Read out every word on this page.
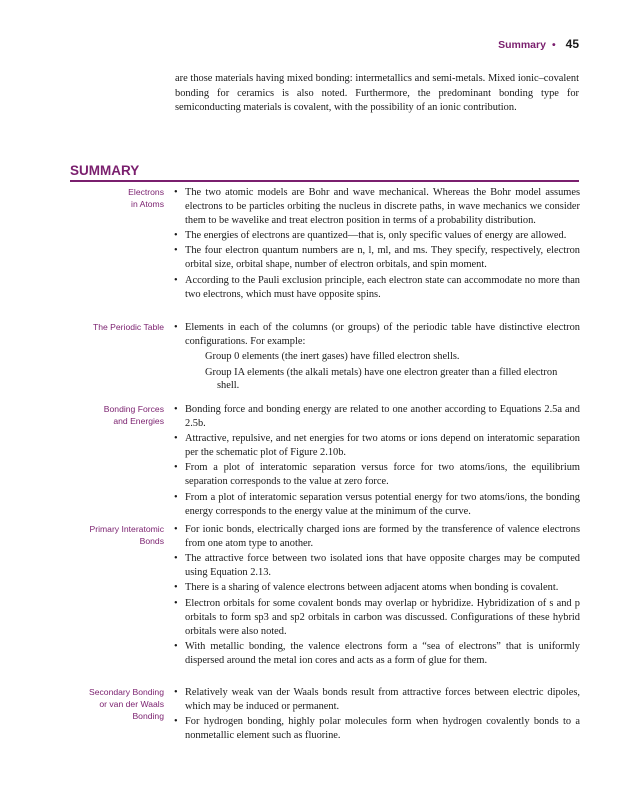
Summary • 45

are those materials having mixed bonding: intermetallics and semi-metals. Mixed ionic–covalent bonding for ceramics is also noted. Furthermore, the predominant bonding type for semiconducting materials is covalent, with the possibility of an ionic contribution.

SUMMARY
Electrons
in Atoms
• The two atomic models are Bohr and wave mechanical. Whereas the Bohr model assumes electrons to be particles orbiting the nucleus in discrete paths, in wave mechanics we consider them to be wavelike and treat electron position in terms of a probability distribution.
• The energies of electrons are quantized—that is, only specific values of energy are allowed.
• The four electron quantum numbers are n, l, ml, and ms. They specify, respectively, electron orbital size, orbital shape, number of electron orbitals, and spin moment.
• According to the Pauli exclusion principle, each electron state can accommodate no more than two electrons, which must have opposite spins.
The Periodic Table
•	Elements in each of the columns (or groups) of the periodic table have distinctive electron configurations. For example:
Group 0 elements (the inert gases) have filled electron shells.
Group IA elements (the alkali metals) have one electron greater than a filled electron shell.
Bonding Forces
and Energies
• Bonding force and bonding energy are related to one another according to Equations 2.5a and 2.5b.
• Attractive, repulsive, and net energies for two atoms or ions depend on interatomic separation per the schematic plot of Figure 2.10b.
• From a plot of interatomic separation versus force for two atoms/ions, the equilibrium separation corresponds to the value at zero force.
• From a plot of interatomic separation versus potential energy for two atoms/ions, the bonding energy corresponds to the energy value at the minimum of the curve.
Primary Interatomic
Bonds
• For ionic bonds, electrically charged ions are formed by the transference of valence electrons from one atom type to another.
• The attractive force between two isolated ions that have opposite charges may be computed using Equation 2.13.
• There is a sharing of valence electrons between adjacent atoms when bonding is covalent.
• Electron orbitals for some covalent bonds may overlap or hybridize. Hybridization of s and p orbitals to form sp3 and sp2 orbitals in carbon was discussed. Configurations of these hybrid orbitals were also noted.
• With metallic bonding, the valence electrons form a “sea of electrons” that is uniformly dispersed around the metal ion cores and acts as a form of glue for them.
Secondary Bonding
or van der Waals
Bonding
• Relatively weak van der Waals bonds result from attractive forces between electric dipoles, which may be induced or permanent.
• For hydrogen bonding, highly polar molecules form when hydrogen covalently bonds to a nonmetallic element such as fluorine.
